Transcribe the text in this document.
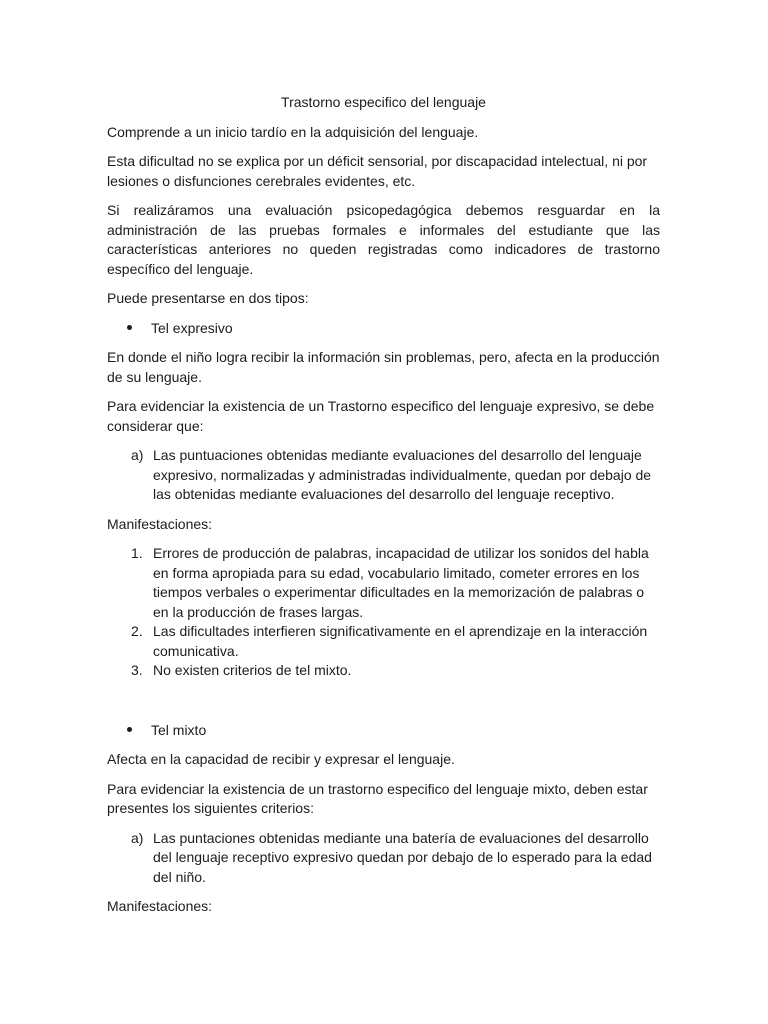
Trastorno especifico del lenguaje

Comprende a un inicio tardío en la adquisición del lenguaje.

Esta dificultad no se explica por un déficit sensorial, por discapacidad intelectual, ni por lesiones o disfunciones cerebrales evidentes, etc.

Si realizáramos una evaluación psicopedagógica debemos resguardar en la administración de las pruebas formales e informales del estudiante que las características anteriores no queden registradas como indicadores de trastorno específico del lenguaje.

Puede presentarse en dos tipos:

Tel expresivo

En donde el niño logra recibir la información sin problemas, pero, afecta en la producción de su lenguaje.

Para evidenciar la existencia de un Trastorno especifico del lenguaje expresivo, se debe considerar que:

a) Las puntuaciones obtenidas mediante evaluaciones del desarrollo del lenguaje expresivo, normalizadas y administradas individualmente, quedan por debajo de las obtenidas mediante evaluaciones del desarrollo del lenguaje receptivo.

Manifestaciones:

1. Errores de producción de palabras, incapacidad de utilizar los sonidos del habla en forma apropiada para su edad, vocabulario limitado, cometer errores en los tiempos verbales o experimentar dificultades en la memorización de palabras o en la producción de frases largas.
2. Las dificultades interfieren significativamente en el aprendizaje en la interacción comunicativa.
3. No existen criterios de tel mixto.
Tel mixto

Afecta en la capacidad de recibir y expresar el lenguaje.

Para evidenciar la existencia de un trastorno especifico del lenguaje mixto, deben estar presentes los siguientes criterios:

a) Las puntaciones obtenidas mediante una batería de evaluaciones del desarrollo del lenguaje receptivo expresivo quedan por debajo de lo esperado para la edad del niño.

Manifestaciones:
